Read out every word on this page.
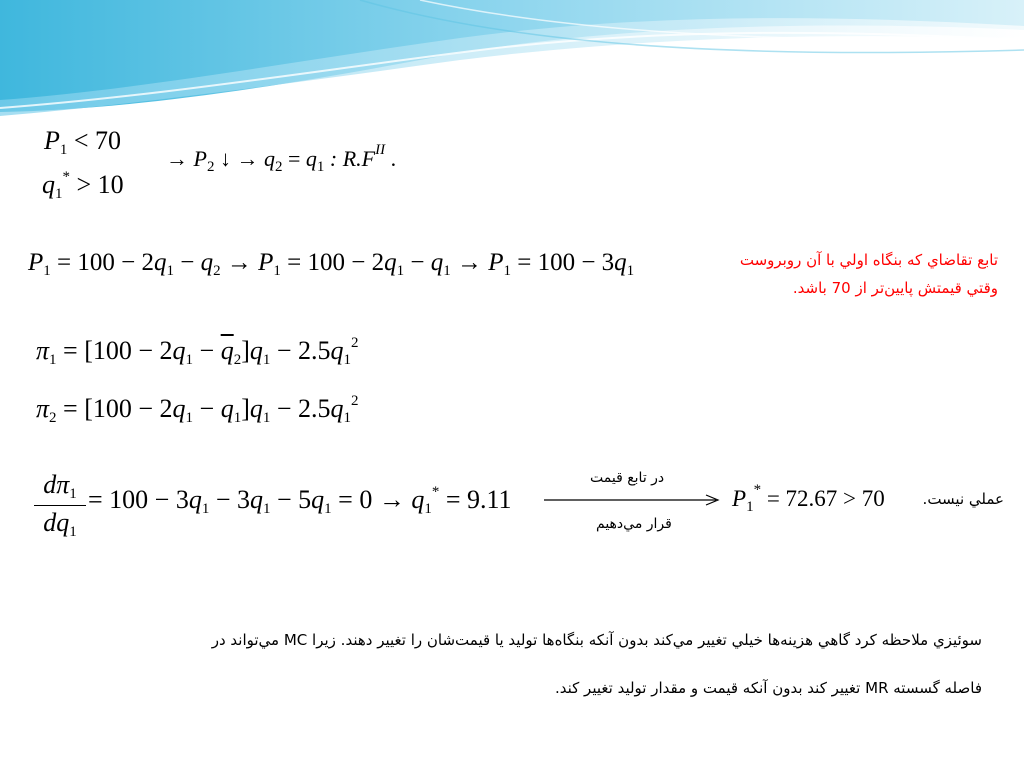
$P_1 < 70$
$q_1^* > 10$
→ $P_2$ ↓ → $q_2 = q_1$ : $R.F^{II}$ .
$P_1 = 100 - 2q_1 - q_2 \to P_1 = 100 - 2q_1 - q_1 \to P_1 = 100 - 3q_1$
تابع تقاضاي كه بنگاه اولي با آن روبروست
وقتي قيمتش پايين‌تر از 70 باشد.
$\pi_1 = [100 - 2q_1 - \overline{q}_2]q_1 - 2.5q_1^2$
$\pi_2 = [100 - 2q_1 - q_1]q_1 - 2.5q_1^2$
$d\pi_1$
$dq_1$
= $100 - 3q_1 - 3q_1 - 5q_1 = 0 \to q_1^* = 9.11$
در تابع قيمت
قرار مي‌دهيم
$P_1^* = 72.67 > 70$	عملي نيست.
سوئيزي ملاحظه كرد گاهي هزينه‌ها خيلي تغيير مي‌كند بدون آنكه بنگاه‌ها توليد يا قيمت‌شان را تغيير دهند. زيرا MC مي‌تواند در
فاصله گسسته MR تغيير كند بدون آنكه قيمت و مقدار توليد تغيير كند.
